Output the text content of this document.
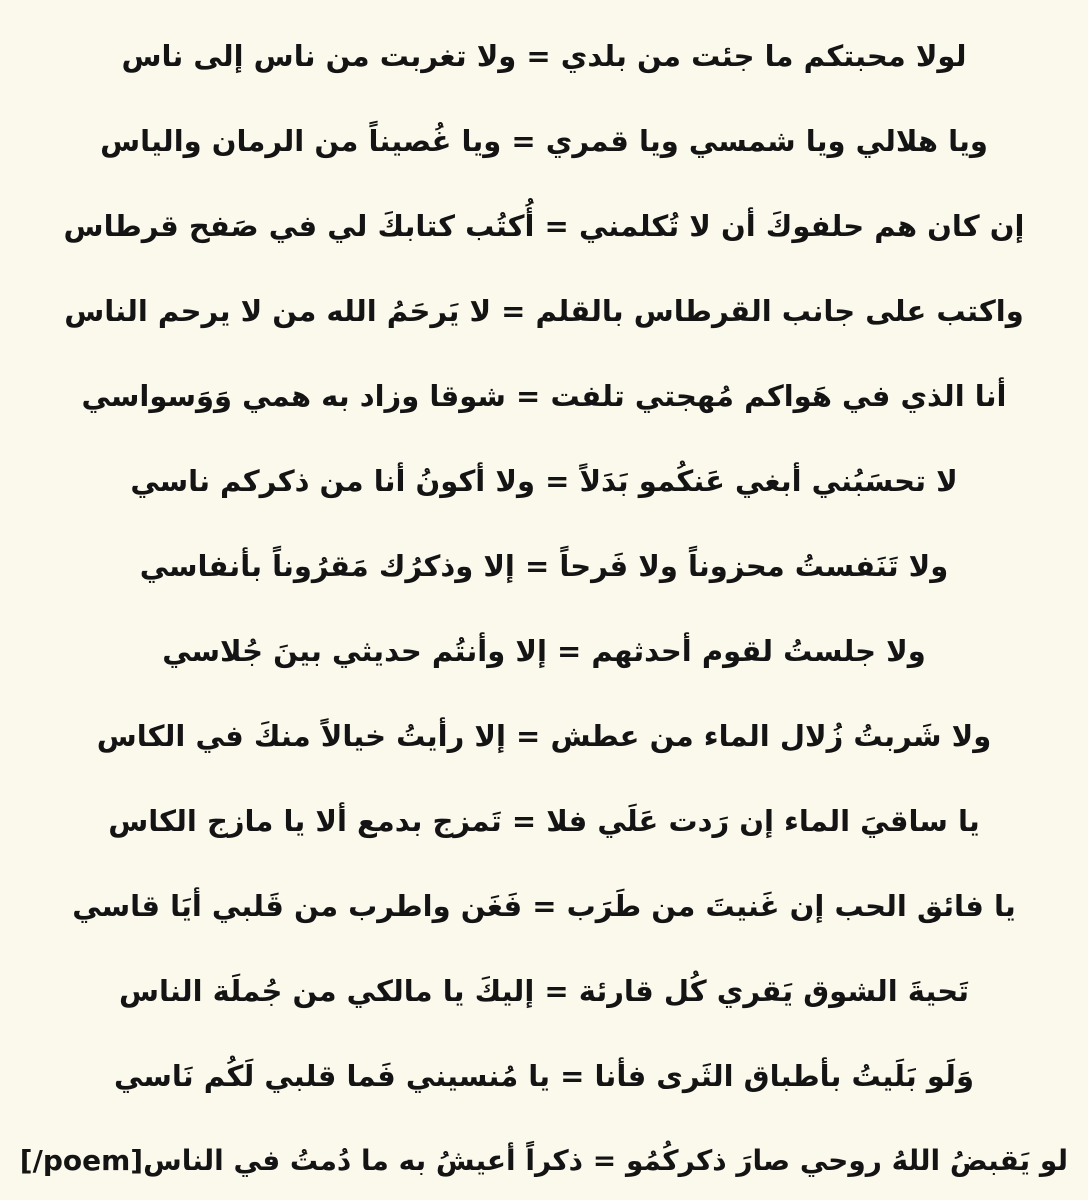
لولا محبتكم ما جئت من بلدي = ولا تغربت من ناس إلى ناس
ويا هلالي ويا شمسي ويا قمري = ويا غُصيناً من الرمان والياس
إن كان هم حلفوكَ أن لا تُكلمني = أُكتُب كتابكَ لي في صَفح قرطاس
واكتب على جانب القرطاس بالقلم = لا يَرحَمُ الله من لا يرحم الناس
أنا الذي في هَواكم مُهجتي تلفت = شوقا وزاد به همي وَوَسواسي
لا تحسَبُني أبغي عَنكُمو بَدَلاً = ولا أكونُ أنا من ذكركم ناسي
ولا تَنَفستُ محزوناً ولا فَرحاً = إلا وذكرُك مَقرُوناً بأنفاسي
ولا جلستُ لقوم أحدثهم = إلا وأنتُم حديثي بينَ جُلاسي
ولا شَربتُ زُلال الماء من عطش = إلا رأيتُ خيالاً منكَ في الكاس
يا ساقيَ الماء إن رَدت عَلَي فلا = تَمزج بدمع ألا يا مازج الكاس
يا فائق الحب إن غَنيتَ من طَرَب = فَغَن واطرب من قَلبي أيَا قاسي
تَحيةَ الشوق يَقري كُل قارئة = إليكَ يا مالكي من جُملَة الناس
وَلَو بَلَيتُ بأطباق الثَرى فأنا = يا مُنسيني فَما قلبي لَكُم نَاسي
لو يَقبضُ اللهُ روحي صارَ ذكركُمُو = ذكراً أعيشُ به ما دُمتُ في الناس[poem/]
